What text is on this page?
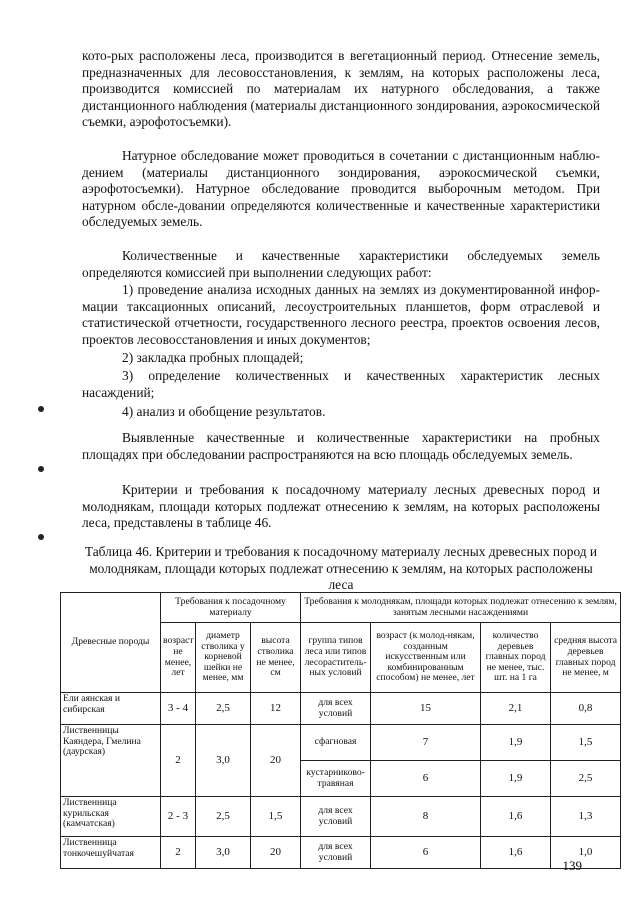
кото-рых расположены леса, производится в вегетационный период. Отнесение земель, предназначенных для лесовосстановления, к землям, на которых расположены леса, производится комиссией по материалам их натурного обследования, а также дистанционного наблюдения (материалы дистанционного зондирования, аэрокосмической съемки, аэрофотосъемки).

Натурное обследование может проводиться в сочетании с дистанционным наблю-дением (материалы дистанционного зондирования, аэрокосмической съемки, аэрофотосъемки). Натурное обследование проводится выборочным методом. При натурном обсле-довании определяются количественные и качественные характеристики обследуемых земель.

Количественные и качественные характеристики обследуемых земель определяются комиссией при выполнении следующих работ:

1) проведение анализа исходных данных на землях из документированной инфор-мации таксационных описаний, лесоустроительных планшетов, форм отраслевой и статистической отчетности, государственного лесного реестра, проектов освоения лесов, проектов лесовосстановления и иных документов;

2) закладка пробных площадей;

3) определение количественных и качественных характеристик лесных насаждений;

4) анализ и обобщение результатов.

Выявленные качественные и количественные характеристики на пробных площадях при обследовании распространяются на всю площадь обследуемых земель.

Критерии и требования к посадочному материалу лесных древесных пород и молоднякам, площади которых подлежат отнесению к землям, на которых расположены леса, представлены в таблице 46.

Таблица 46. Критерии и требования к посадочному материалу лесных древесных пород и молоднякам, площади которых подлежат отнесению к землям, на которых расположены леса

Древесные породы	Требования к посадочному материалу			Требования к молоднякам, площади которых подлежат отнесению к землям, занятым лесными насаждениями			
	возраст не менее, лет	диаметр стволика у корневой шейки не менее, мм	высота стволика не менее, см	группа типов леса или типов лесораститель-ных условий	возраст (к молод-някам, созданным искусственным или комбинированным способом) не менее, лет	количество деревьев главных пород не менее, тыс. шт. на 1 га	средняя высота деревьев главных пород не менее, м
Ели аянская и сибирская	3 - 4	2,5	12	для всех условий	15	2,1	0,8
Лиственницы Каяндера, Гмелина (даурская)	2	3,0	20	сфагновая	7	1,9	1,5
				кустарниково-травяная	6	1,9	2,5
Лиственница курильская (камчатская)	2 - 3	2,5	1,5	для всех условий	8	1,6	1,3
Лиственница тонкочешуйчатая	2	3,0	20	для всех условий	6	1,6	1,0
139
